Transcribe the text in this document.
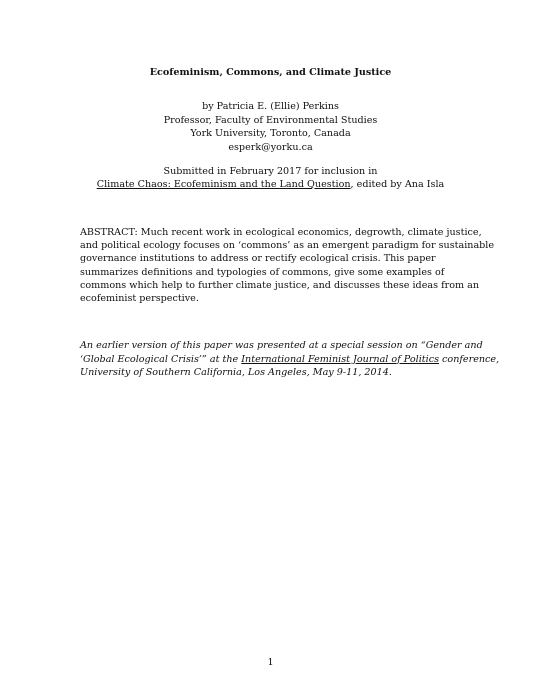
Ecofeminism, Commons, and Climate Justice
by Patricia E. (Ellie) Perkins
Professor, Faculty of Environmental Studies
York University, Toronto, Canada
esperk@yorku.ca
Submitted in February 2017 for inclusion in
Climate Chaos: Ecofeminism and the Land Question, edited by Ana Isla
ABSTRACT: Much recent work in ecological economics, degrowth, climate justice,
and political ecology focuses on ‘commons’ as an emergent paradigm for sustainable
governance institutions to address or rectify ecological crisis. This paper
summarizes definitions and typologies of commons, give some examples of
commons which help to further climate justice, and discusses these ideas from an
ecofeminist perspective.
An earlier version of this paper was presented at a special session on “Gender and
‘Global Ecological Crisis’” at the International Feminist Journal of Politics conference,
University of Southern California, Los Angeles, May 9-11, 2014.
1
